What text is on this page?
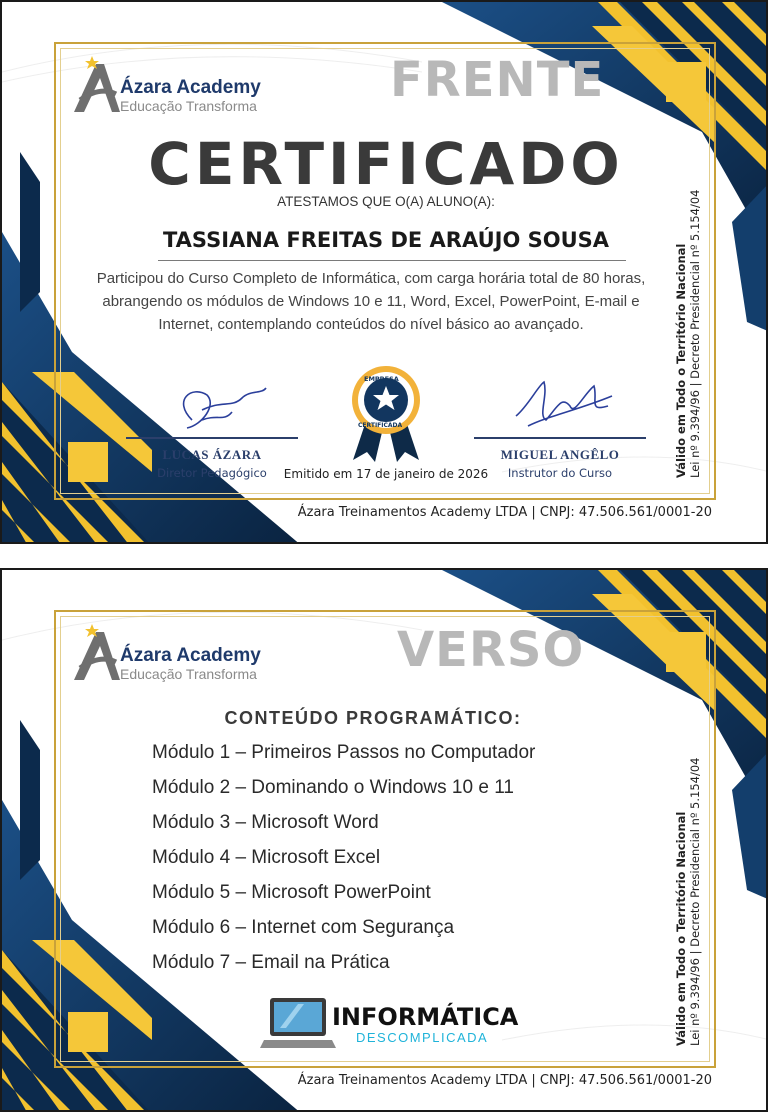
Ázara Academy
Educação Transforma	FRENTE
CERTIFICADO
ATESTAMOS QUE O(A) ALUNO(A):
TASSIANA FREITAS DE ARAÚJO SOUSA
Participou do Curso Completo de Informática, com carga horária total de 80 horas, abrangendo os módulos de Windows 10 e 11, Word, Excel, PowerPoint, E-mail e Internet, contemplando conteúdos do nível básico ao avançado.
LUCAS ÁZARA
Diretor Pedagógico
EMPRESA
CERTIFICADA
MIGUEL ANGÊLO
Instrutor do Curso
Emitido em 17 de janeiro de 2026	Válido em Todo o Território Nacional Lei nº 9.394/96 | Decreto Presidencial nº 5.154/04
Ázara Treinamentos Academy LTDA | CNPJ: 47.506.561/0001-20
Ázara Academy
Educação Transforma	VERSO
CONTEÚDO PROGRAMÁTICO:
Módulo 1 – Primeiros Passos no Computador
Módulo 2 – Dominando o Windows 10 e 11
Módulo 3 – Microsoft Word
Módulo 4 – Microsoft Excel
Módulo 5 – Microsoft PowerPoint
Módulo 6 – Internet com Segurança
Módulo 7 – Email na Prática
INFORMÁTICA
DESCOMPLICADA	Válido em Todo o Território Nacional Lei nº 9.394/96 | Decreto Presidencial nº 5.154/04
Ázara Treinamentos Academy LTDA | CNPJ: 47.506.561/0001-20
